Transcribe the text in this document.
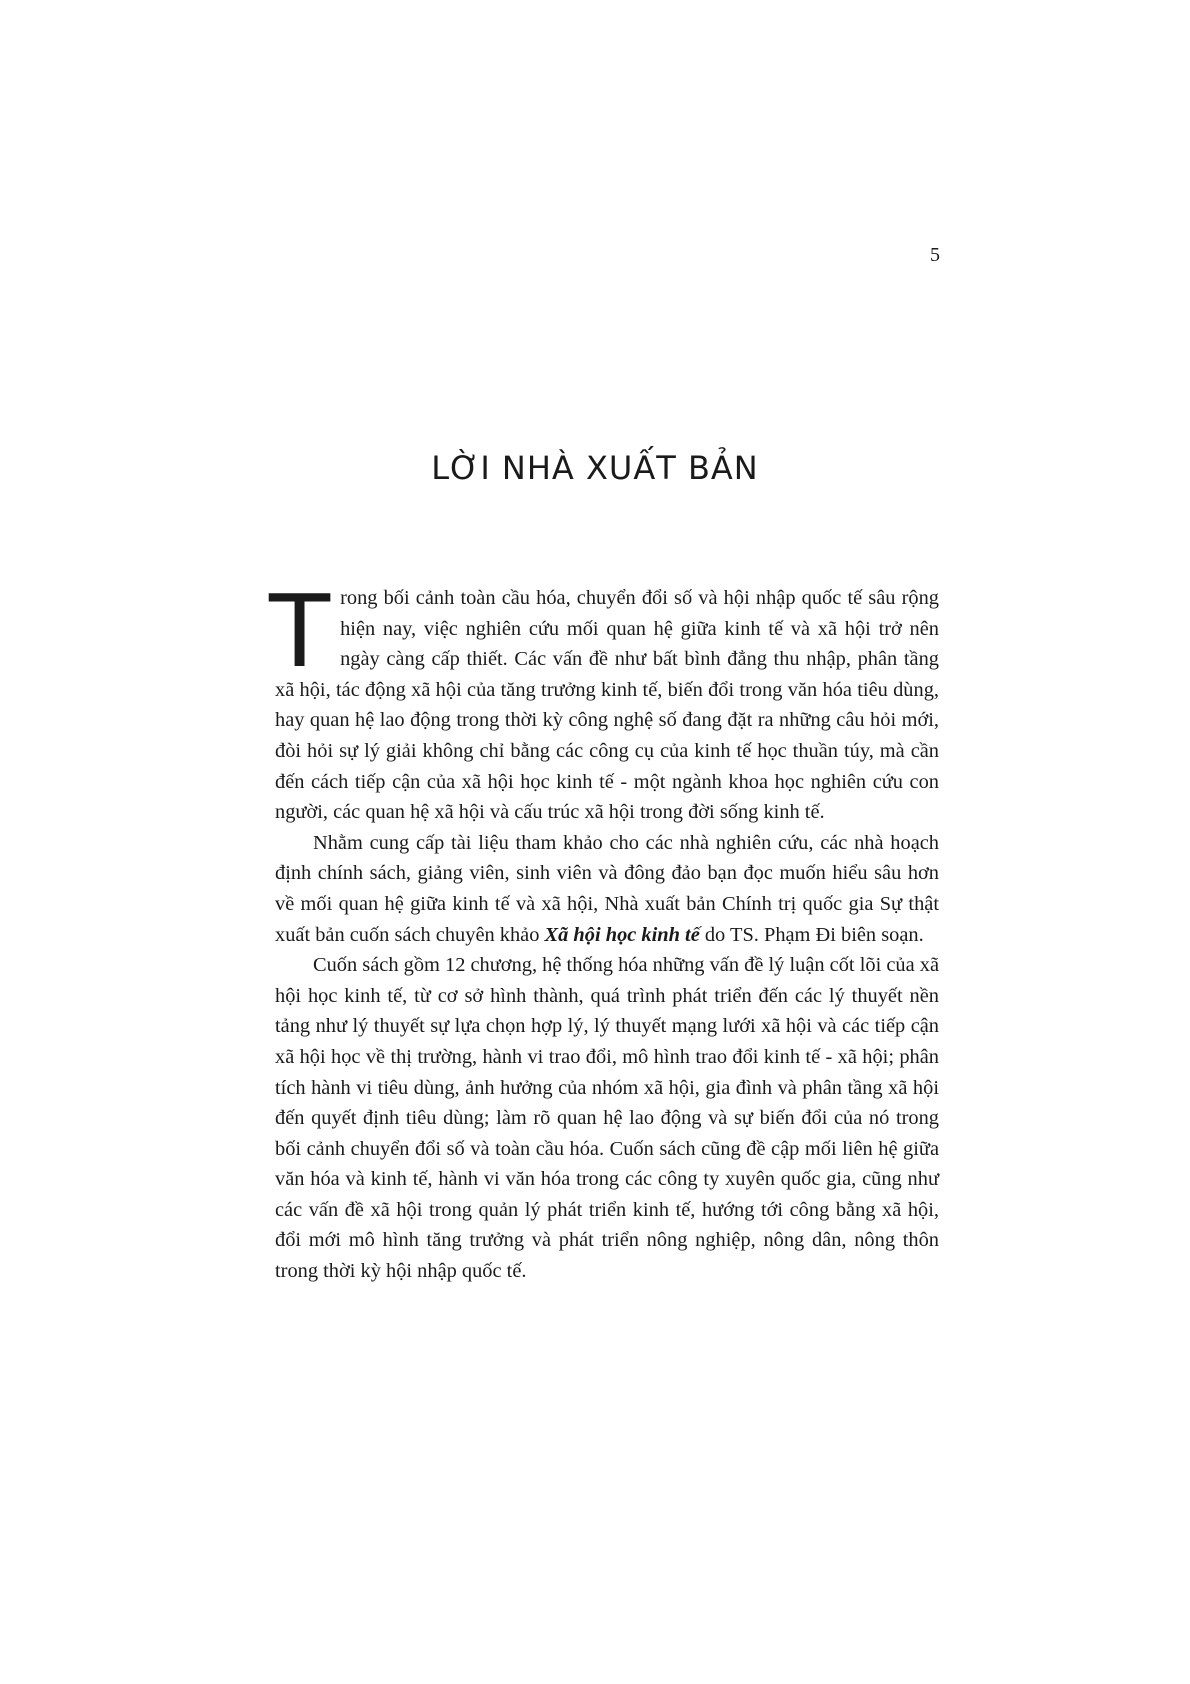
5
LỜI NHÀ XUẤT BẢN

Trong bối cảnh toàn cầu hóa, chuyển đổi số và hội nhập quốc tế sâu rộng hiện nay, việc nghiên cứu mối quan hệ giữa kinh tế và xã hội trở nên ngày càng cấp thiết. Các vấn đề như bất bình đẳng thu nhập, phân tầng xã hội, tác động xã hội của tăng trưởng kinh tế, biến đổi trong văn hóa tiêu dùng, hay quan hệ lao động trong thời kỳ công nghệ số đang đặt ra những câu hỏi mới, đòi hỏi sự lý giải không chỉ bằng các công cụ của kinh tế học thuần túy, mà cần đến cách tiếp cận của xã hội học kinh tế - một ngành khoa học nghiên cứu con người, các quan hệ xã hội và cấu trúc xã hội trong đời sống kinh tế.

Nhằm cung cấp tài liệu tham khảo cho các nhà nghiên cứu, các nhà hoạch định chính sách, giảng viên, sinh viên và đông đảo bạn đọc muốn hiểu sâu hơn về mối quan hệ giữa kinh tế và xã hội, Nhà xuất bản Chính trị quốc gia Sự thật xuất bản cuốn sách chuyên khảo Xã hội học kinh tế do TS. Phạm Đi biên soạn.

Cuốn sách gồm 12 chương, hệ thống hóa những vấn đề lý luận cốt lõi của xã hội học kinh tế, từ cơ sở hình thành, quá trình phát triển đến các lý thuyết nền tảng như lý thuyết sự lựa chọn hợp lý, lý thuyết mạng lưới xã hội và các tiếp cận xã hội học về thị trường, hành vi trao đổi, mô hình trao đổi kinh tế - xã hội; phân tích hành vi tiêu dùng, ảnh hưởng của nhóm xã hội, gia đình và phân tầng xã hội đến quyết định tiêu dùng; làm rõ quan hệ lao động và sự biến đổi của nó trong bối cảnh chuyển đổi số và toàn cầu hóa. Cuốn sách cũng đề cập mối liên hệ giữa văn hóa và kinh tế, hành vi văn hóa trong các công ty xuyên quốc gia, cũng như các vấn đề xã hội trong quản lý phát triển kinh tế, hướng tới công bằng xã hội, đổi mới mô hình tăng trưởng và phát triển nông nghiệp, nông dân, nông thôn trong thời kỳ hội nhập quốc tế.
